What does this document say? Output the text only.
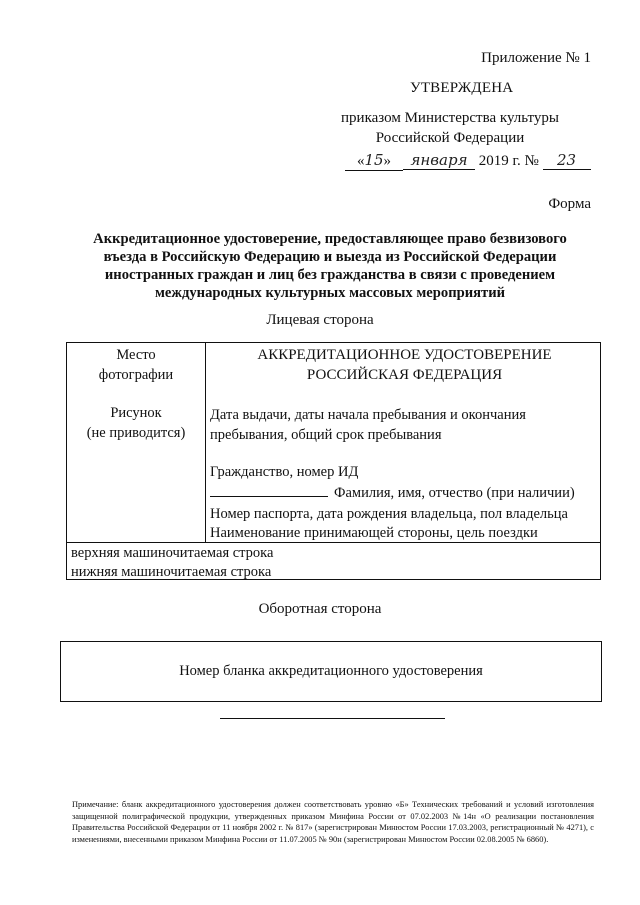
Приложение № 1
УТВЕРЖДЕНА
приказом Министерства культуры
Российской Федерации
«15» января 2019 г. № 23
Форма
Аккредитационное удостоверение, предоставляющее право безвизового въезда в Российскую Федерацию и выезда из Российской Федерации иностранных граждан и лиц без гражданства в связи с проведением международных культурных массовых мероприятий
Лицевая сторона
Место
фотографии
Рисунок
(не приводится)
АККРЕДИТАЦИОННОЕ УДОСТОВЕРЕНИЕ
РОССИЙСКАЯ ФЕДЕРАЦИЯ
Дата выдачи, даты начала пребывания и окончания пребывания, общий срок пребывания
Гражданство, номер ИД
Фамилия, имя, отчество (при наличии)
Номер паспорта, дата рождения владельца, пол владельца
Наименование принимающей стороны, цель поездки
верхняя машиночитаемая строка
нижняя машиночитаемая строка
Оборотная сторона
Номер бланка аккредитационного удостоверения
Примечание: бланк аккредитационного удостоверения должен соответствовать уровню «Б» Технических требований и условий изготовления защищенной полиграфической продукции, утвержденных приказом Минфина России от 07.02.2003 №14н «О реализации постановления Правительства Российской Федерации от 11 ноября 2002 г. № 817» (зарегистрирован Минюстом России 17.03.2003, регистрационный № 4271), с изменениями, внесенными приказом Минфина России от 11.07.2005 № 90н (зарегистрирован Минюстом России 02.08.2005 № 6860).
